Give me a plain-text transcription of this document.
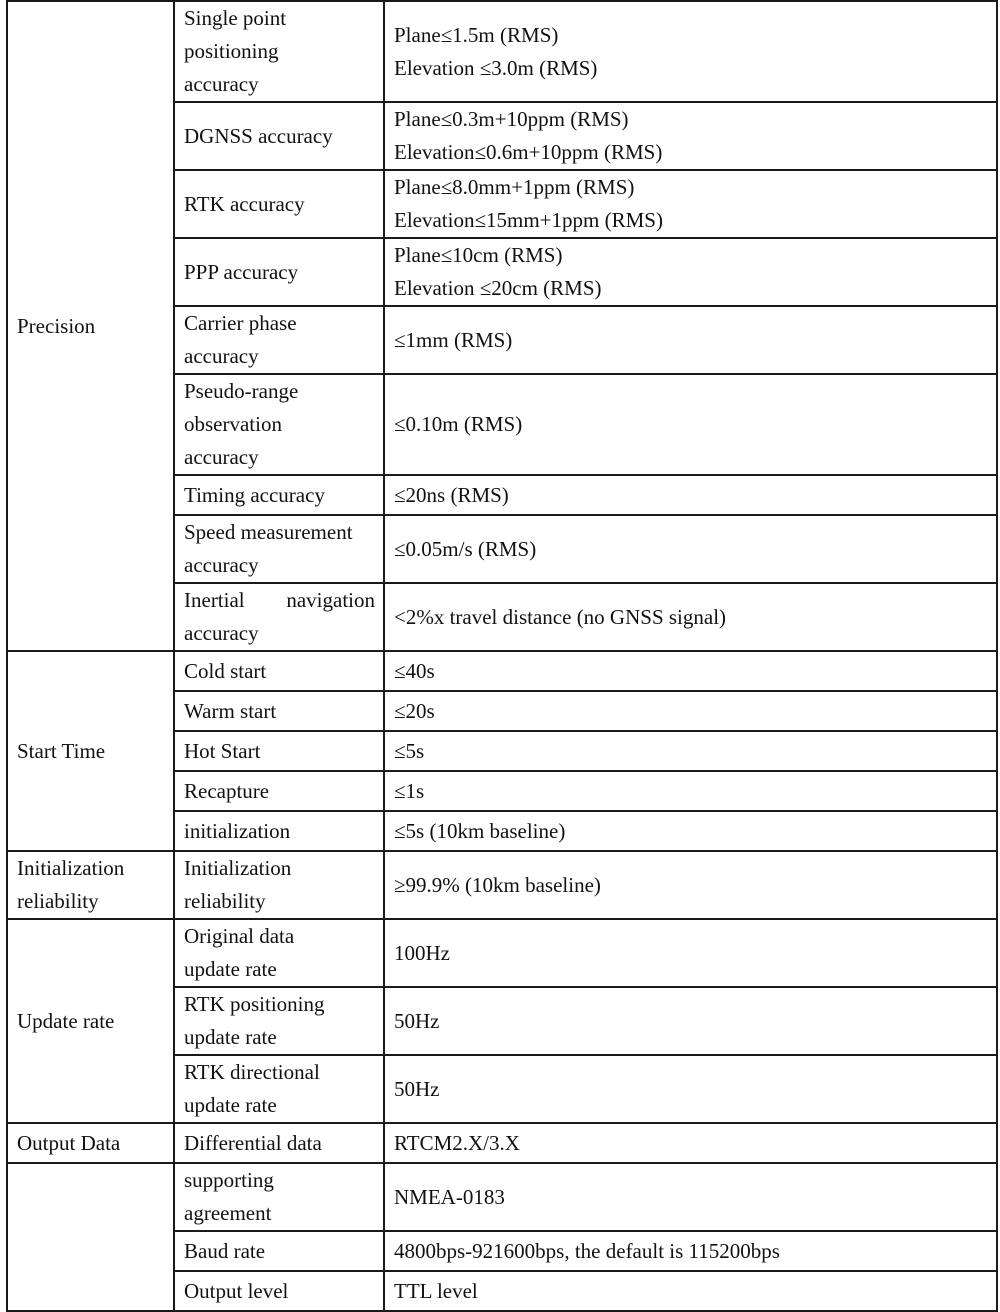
Precision	Single point
positioning
accuracy	Plane≤1.5m (RMS)
Elevation ≤3.0m (RMS)

	DGNSS accuracy	Plane≤0.3m+10ppm (RMS)
Elevation≤0.6m+10ppm (RMS)

	RTK accuracy	Plane≤8.0mm+1ppm (RMS)
Elevation≤15mm+1ppm (RMS)

	PPP accuracy	Plane≤10cm (RMS)
Elevation ≤20cm (RMS)

	Carrier phase
accuracy	≤1mm (RMS)

	Pseudo-range
observation
accuracy	≤0.10m (RMS)

	Timing accuracy	≤20ns (RMS)

	Speed measurement
accuracy	≤0.05m/s (RMS)

	Inertial navigation
accuracy	<2%x travel distance (no GNSS signal)

Start Time	Cold start	≤40s

	Warm start	≤20s

	Hot Start	≤5s

	Recapture	≤1s

	initialization	≤5s (10km baseline)

Initialization reliability	Initialization
reliability	≥99.9% (10km baseline)

Update rate	Original data
update rate	100Hz

	RTK positioning
update rate	50Hz

	RTK directional
update rate	50Hz

Output Data	Differential data	RTCM2.X/3.X

	supporting
agreement	NMEA-0183

	Baud rate	4800bps-921600bps, the default is 115200bps

	Output level	TTL level
